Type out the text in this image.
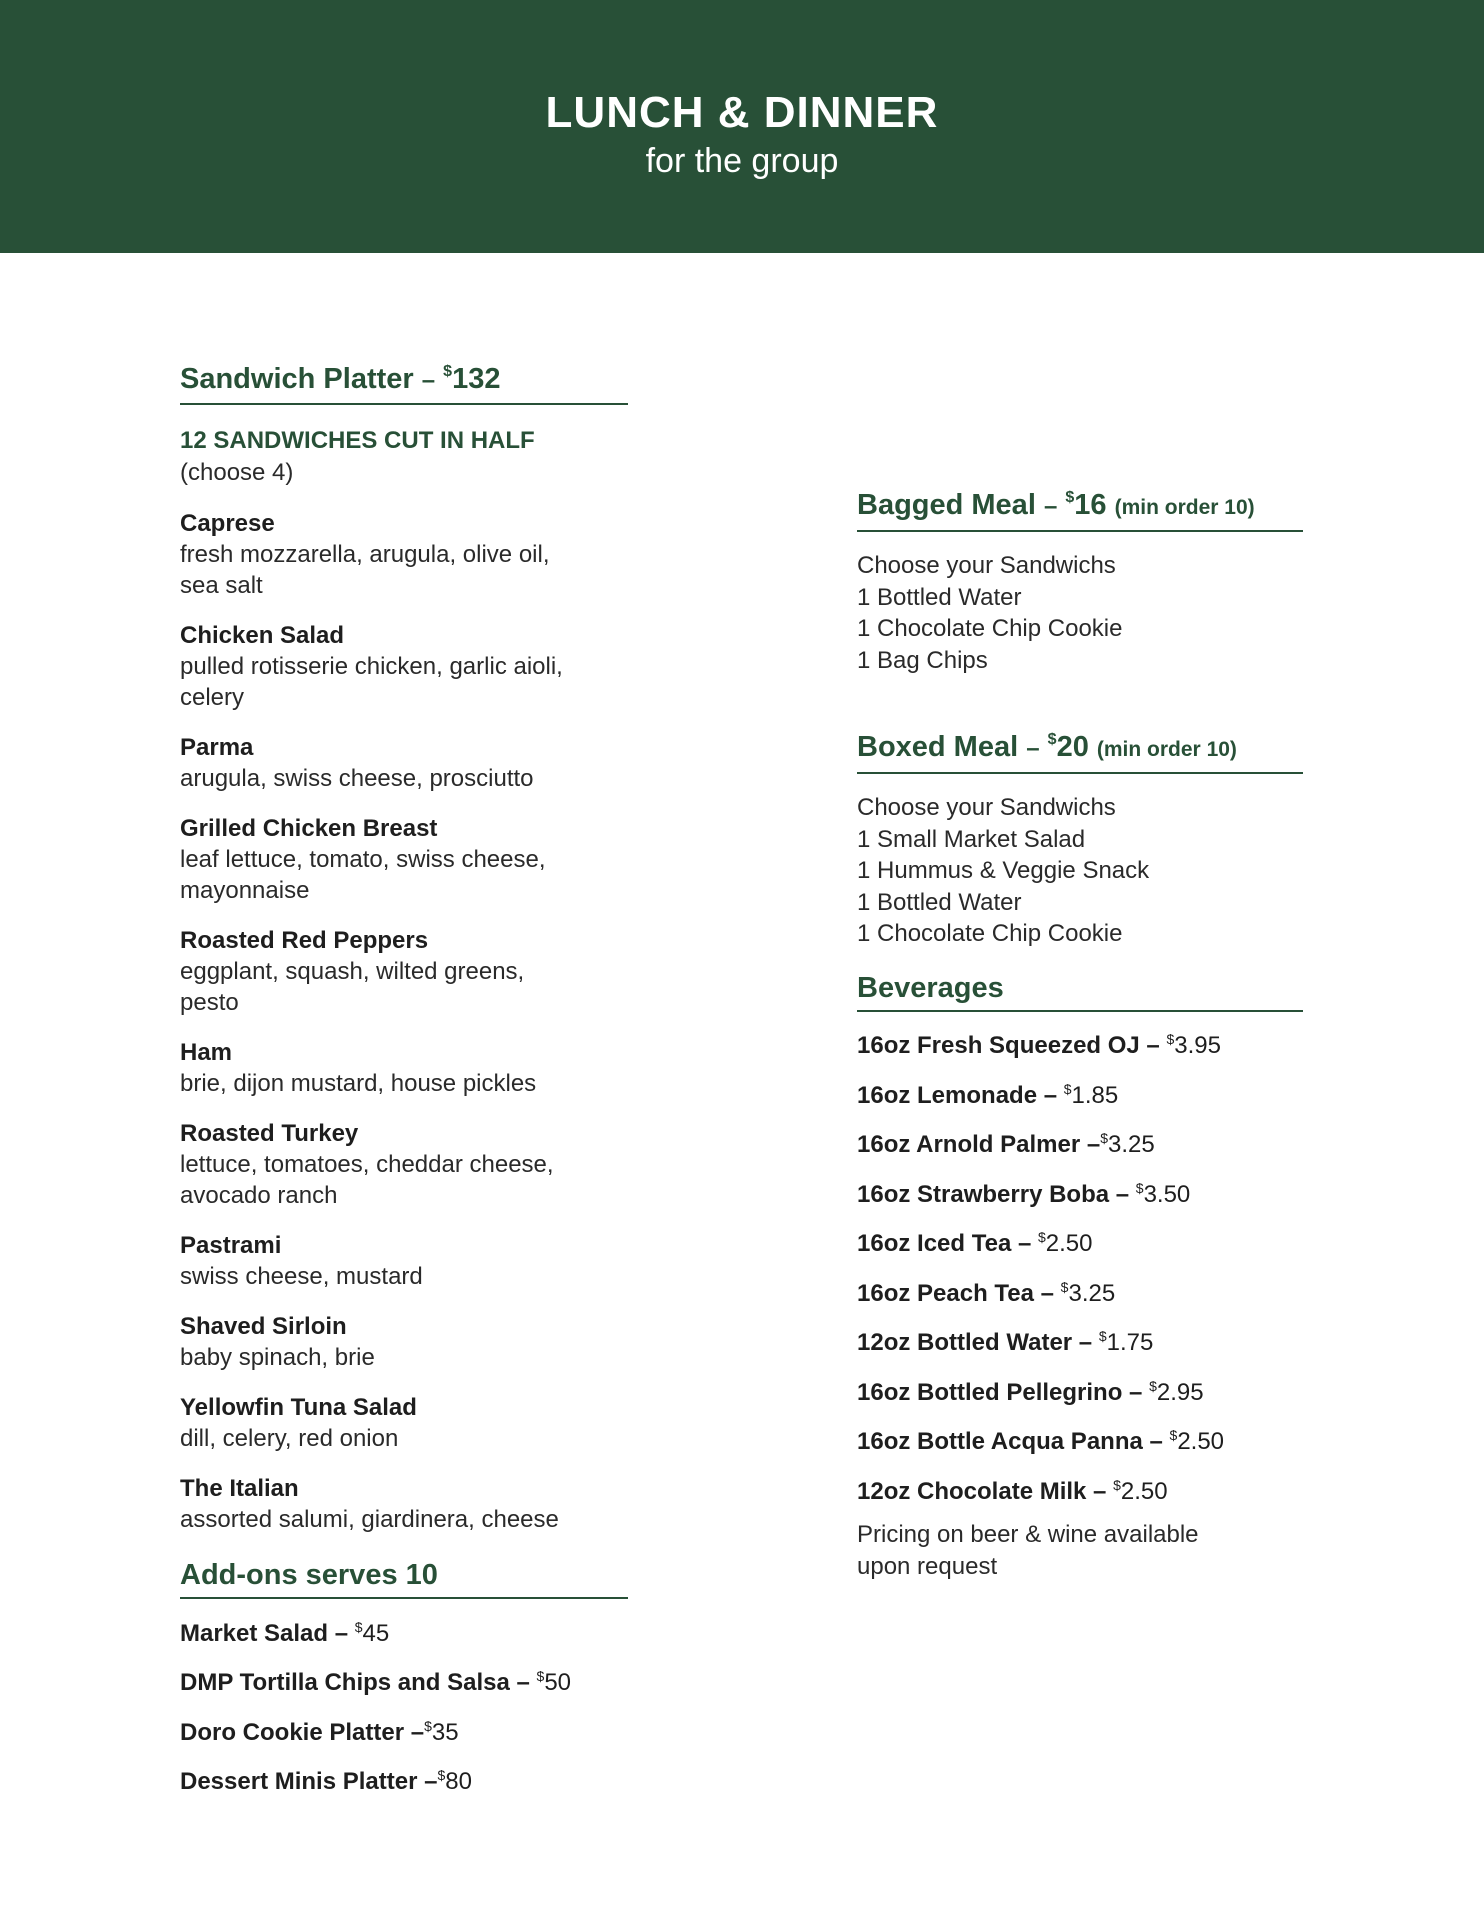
LUNCH & DINNER
for the group
Sandwich Platter – $132
12 SANDWICHES CUT IN HALF
(choose 4)
Caprese
fresh mozzarella, arugula, olive oil,
sea salt
Chicken Salad
pulled rotisserie chicken, garlic aioli,
celery
Parma
arugula, swiss cheese, prosciutto
Grilled Chicken Breast
leaf lettuce, tomato, swiss cheese,
mayonnaise
Roasted Red Peppers
eggplant, squash, wilted greens,
pesto
Ham
brie, dijon mustard, house pickles
Roasted Turkey
lettuce, tomatoes, cheddar cheese,
avocado ranch
Pastrami
swiss cheese, mustard
Shaved Sirloin
baby spinach, brie
Yellowfin Tuna Salad
dill, celery, red onion
The Italian
assorted salumi, giardinera, cheese
Add-ons serves 10
Market Salad – $45
DMP Tortilla Chips and Salsa – $50
Doro Cookie Platter –$35
Dessert Minis Platter –$80
Bagged Meal – $16 (min order 10)
Choose your Sandwichs
1 Bottled Water
1 Chocolate Chip Cookie
1 Bag Chips
Boxed Meal – $20 (min order 10)
Choose your Sandwichs
1 Small Market Salad
1 Hummus & Veggie Snack
1 Bottled Water
1 Chocolate Chip Cookie
Beverages
16oz Fresh Squeezed OJ – $3.95
16oz Lemonade – $1.85
16oz Arnold Palmer –$3.25
16oz Strawberry Boba – $3.50
16oz Iced Tea – $2.50
16oz Peach Tea – $3.25
12oz Bottled Water – $1.75
16oz Bottled Pellegrino – $2.95
16oz Bottle Acqua Panna – $2.50
12oz Chocolate Milk – $2.50
Pricing on beer & wine available
upon request
